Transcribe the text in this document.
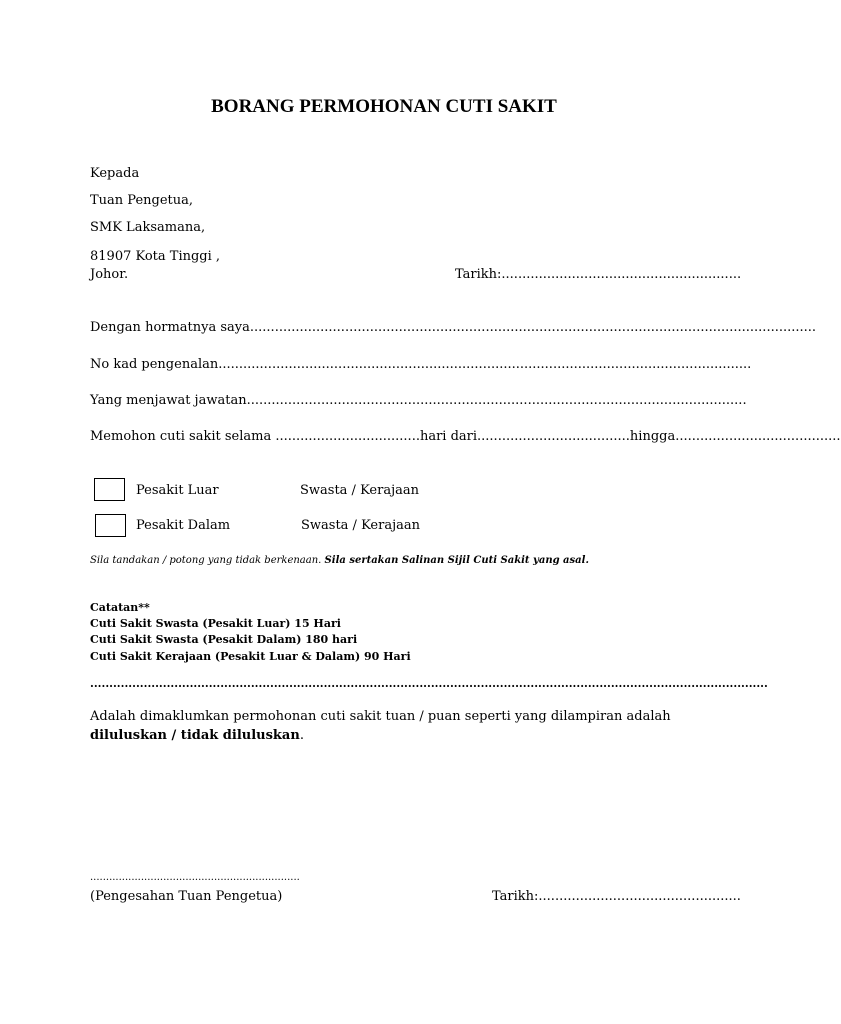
BORANG PERMOHONAN CUTI SAKIT
Kepada
Tuan Pengetua,
SMK Laksamana,
81907 Kota Tinggi ,
Johor.	Tarikh:..........................................................
Dengan hormatnya saya.........................................................................................................................................
No kad pengenalan.................................................................................................................................
Yang menjawat jawatan.........................................................................................................................
Memohon cuti sakit selama ...................................hari dari.....................................hingga........................................
Pesakit Luar	Swasta / Kerajaan
Pesakit Dalam	Swasta / Kerajaan
Sila tandakan / potong yang tidak berkenaan. Sila sertakan Salinan Sijil Cuti Sakit yang asal.
Catatan**
Cuti Sakit Swasta (Pesakit Luar) 15 Hari
Cuti Sakit Swasta (Pesakit Dalam) 180 hari
Cuti Sakit Kerajaan (Pesakit Luar & Dalam) 90 Hari
.................................................................................................................................................................................
Adalah dimaklumkan permohonan cuti sakit tuan / puan seperti yang dilampiran adalah
diluluskan / tidak diluluskan.
..................................................................
(Pengesahan Tuan Pengetua)	Tarikh:.................................................
